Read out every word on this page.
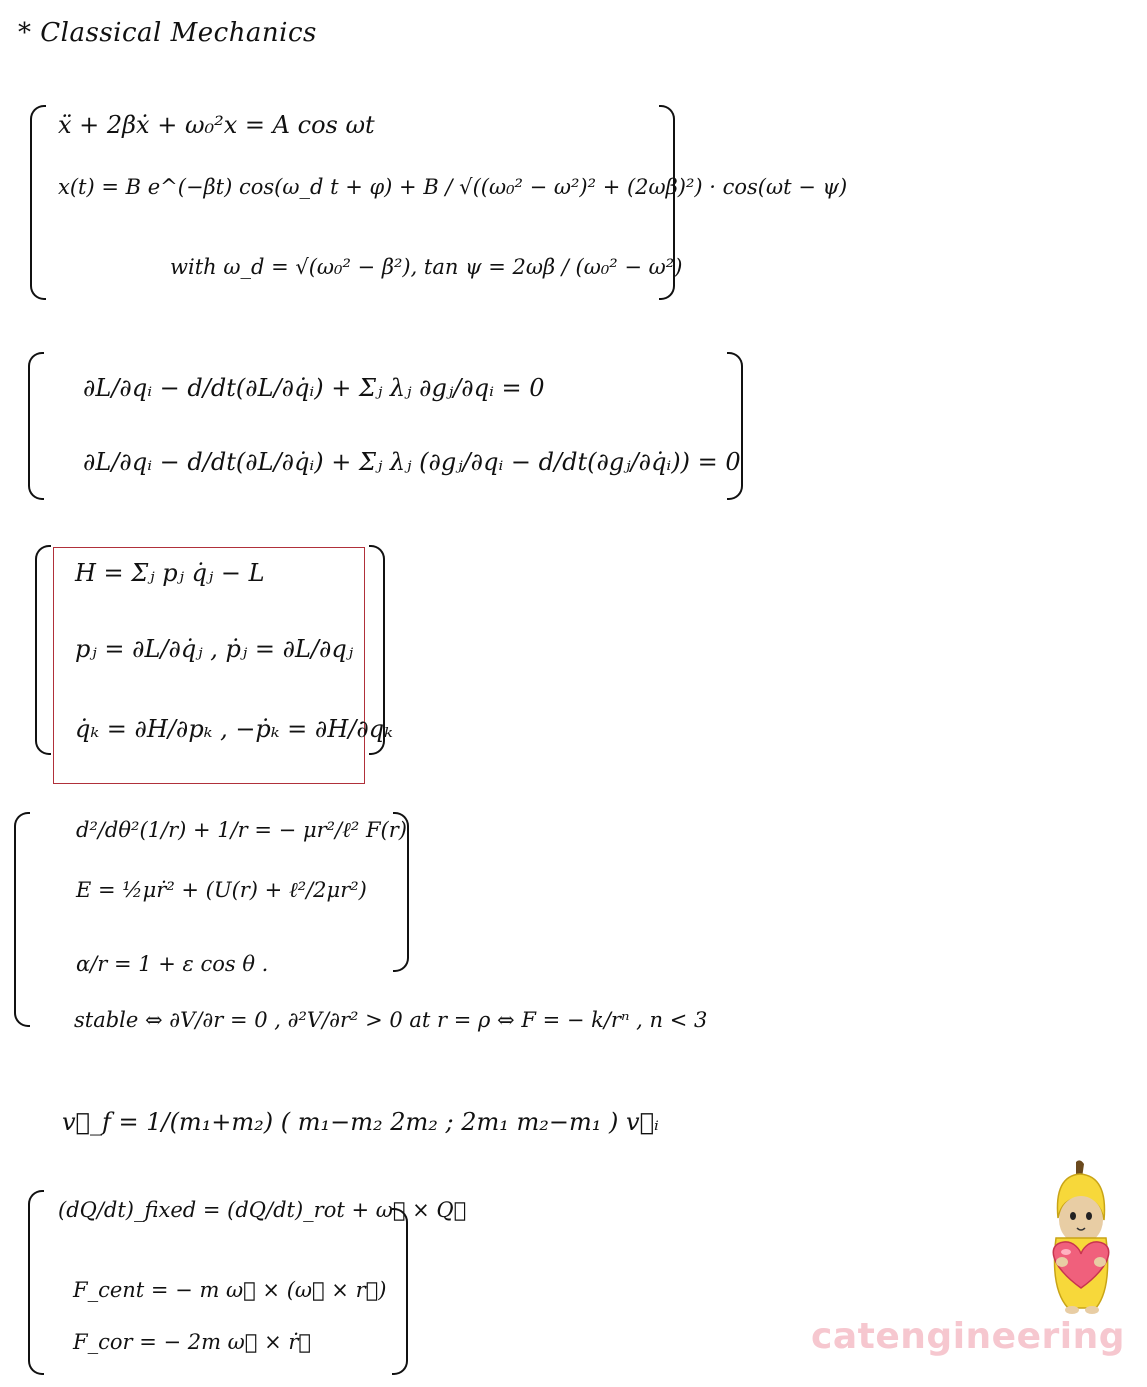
* Classical Mechanics
ẍ + 2βẋ + ω₀²x = A cos ωt
x(t) = B e^(−βt) cos(ω_d t + φ) + B / √((ω₀² − ω²)² + (2ωβ)²) · cos(ωt − ψ)
with ω_d = √(ω₀² − β²), tan ψ = 2ωβ / (ω₀² − ω²)
∂L/∂qᵢ − d/dt(∂L/∂q̇ᵢ) + Σⱼ λⱼ ∂gⱼ/∂qᵢ = 0
∂L/∂qᵢ − d/dt(∂L/∂q̇ᵢ) + Σⱼ λⱼ (∂gⱼ/∂qᵢ − d/dt(∂gⱼ/∂q̇ᵢ)) = 0
H = Σⱼ pⱼ q̇ⱼ − L
pⱼ = ∂L/∂q̇ⱼ , ṗⱼ = ∂L/∂qⱼ
q̇ₖ = ∂H/∂pₖ , −ṗₖ = ∂H/∂qₖ
d²/dθ²(1/r) + 1/r = − μr²/ℓ² F(r)
E = ½μṙ² + (U(r) + ℓ²/2μr²)
α/r = 1 + ε cos θ .
stable ⇔ ∂V/∂r = 0 , ∂²V/∂r² > 0 at r = ρ ⇔ F = − k/rⁿ , n < 3
v⃗_f = 1/(m₁+m₂) ( m₁−m₂ 2m₂ ; 2m₁ m₂−m₁ ) v⃗ᵢ
(dQ/dt)_fixed = (dQ/dt)_rot + ω⃗ × Q⃗
F_cent = − m ω⃗ × (ω⃗ × r⃗)
F_cor = − 2m ω⃗ × ṙ⃗	catengineering
